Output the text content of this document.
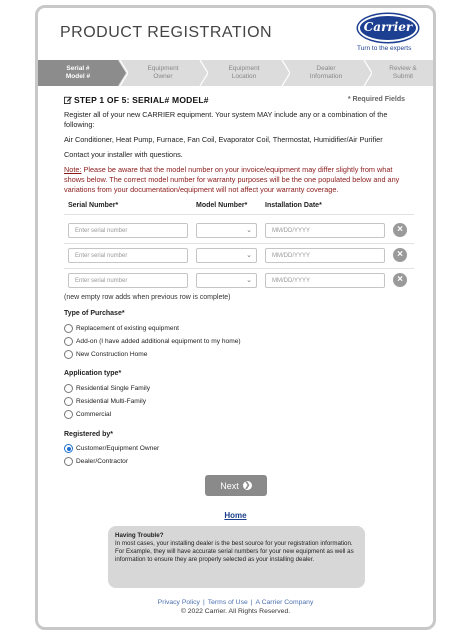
PRODUCT REGISTRATION	Carrier
Turn to the experts
Serial #
Model #
Equipment
Owner
Equipment
Location
Dealer
Information
Review &
Submit
STEP 1 OF 5: SERIAL# MODEL#	* Required Fields
Register all of your new CARRIER equipment. Your system MAY include any or a combination of the following:
Air Conditioner, Heat Pump, Furnace, Fan Coil, Evaporator Coil, Thermostat, Humidifier/Air Purifier
Contact your installer with questions.
Note: Please be aware that the model number on your invoice/equipment may differ slightly from what shows below. The correct model number for warranty purposes will be the one populated below and any variations from your documentation/equipment will not affect your warranty coverage.
Serial Number*	Model Number*	Installation Date*
Enter serial number	⌄	MM/DD/YYYY	×
Enter serial number	⌄	MM/DD/YYYY	×
Enter serial number	⌄	MM/DD/YYYY	×
(new empty row adds when previous row is complete)
Type of Purchase*
Replacement of existing equipment
Add-on (I have added additional equipment to my home)
New Construction Home
Application type*
Residential Single Family
Residential Multi-Family
Commercial
Registered by*
Customer/Equipment Owner
Dealer/Contractor
Next ❯
Home
Having Trouble?
In most cases, your installing dealer is the best source for your registration information. For Example, they will have accurate serial numbers for your new equipment as well as information to ensure they are properly selected as your installing dealer.
Privacy Policy | Terms of Use | A Carrier Company
© 2022 Carrier. All Rights Reserved.
